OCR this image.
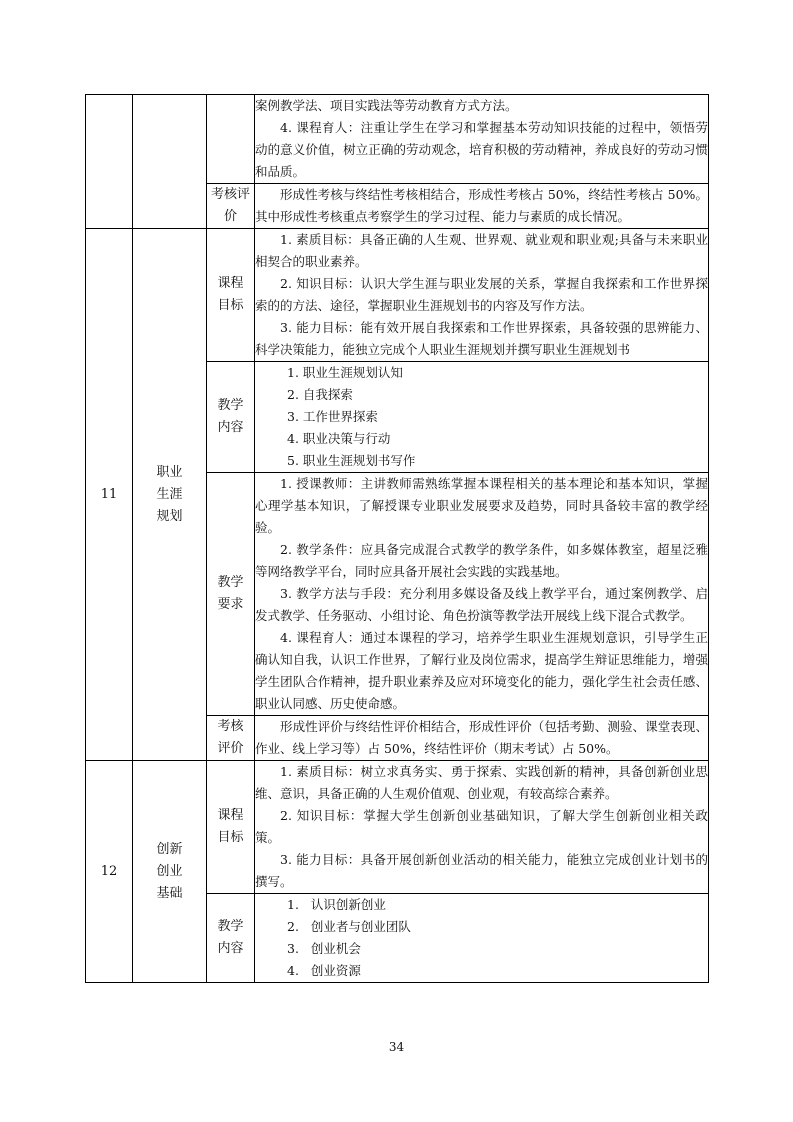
			案例教学法、项目实践法等劳动教育方式方法。

4. 课程育人：注重让学生在学习和掌握基本劳动知识技能的过程中，领悟劳动的意义价值，树立正确的劳动观念，培育积极的劳动精神，养成良好的劳动习惯和品质。

		考核评价	形成性考核与终结性考核相结合，形成性考核占 50%，终结性考核占 50%。其中形成性考核重点考察学生的学习过程、能力与素质的成长情况。

11	职业生涯规划	课程目标	1. 素质目标：具备正确的人生观、世界观、就业观和职业观;具备与未来职业相契合的职业素养。

2. 知识目标：认识大学生涯与职业发展的关系，掌握自我探索和工作世界探索的的方法、途径，掌握职业生涯规划书的内容及写作方法。

3. 能力目标：能有效开展自我探索和工作世界探索，具备较强的思辨能力、科学决策能力，能独立完成个人职业生涯规划并撰写职业生涯规划书

		教学内容	1. 职业生涯规划认知

2. 自我探索

3. 工作世界探索

4. 职业决策与行动

5. 职业生涯规划书写作

		教学要求	1. 授课教师：主讲教师需熟练掌握本课程相关的基本理论和基本知识，掌握心理学基本知识，了解授课专业职业发展要求及趋势，同时具备较丰富的教学经验。

2. 教学条件：应具备完成混合式教学的教学条件，如多媒体教室，超星泛雅等网络教学平台，同时应具备开展社会实践的实践基地。

3. 教学方法与手段：充分利用多媒设备及线上教学平台，通过案例教学、启发式教学、任务驱动、小组讨论、角色扮演等教学法开展线上线下混合式教学。

4. 课程育人：通过本课程的学习，培养学生职业生涯规划意识，引导学生正确认知自我，认识工作世界，了解行业及岗位需求，提高学生辩证思维能力，增强学生团队合作精神，提升职业素养及应对环境变化的能力，强化学生社会责任感、职业认同感、历史使命感。

		考核评价	形成性评价与终结性评价相结合，形成性评价（包括考勤、测验、课堂表现、作业、线上学习等）占 50%，终结性评价（期末考试）占 50%。

12	创新创业基础	课程目标	1. 素质目标：树立求真务实、勇于探索、实践创新的精神，具备创新创业思维、意识，具备正确的人生观价值观、创业观，有较高综合素养。

2. 知识目标：掌握大学生创新创业基础知识，了解大学生创新创业相关政策。

3. 能力目标：具备开展创新创业活动的相关能力，能独立完成创业计划书的撰写。

		教学内容	1.   认识创新创业

2.   创业者与创业团队

3.   创业机会

4.   创业资源

34
